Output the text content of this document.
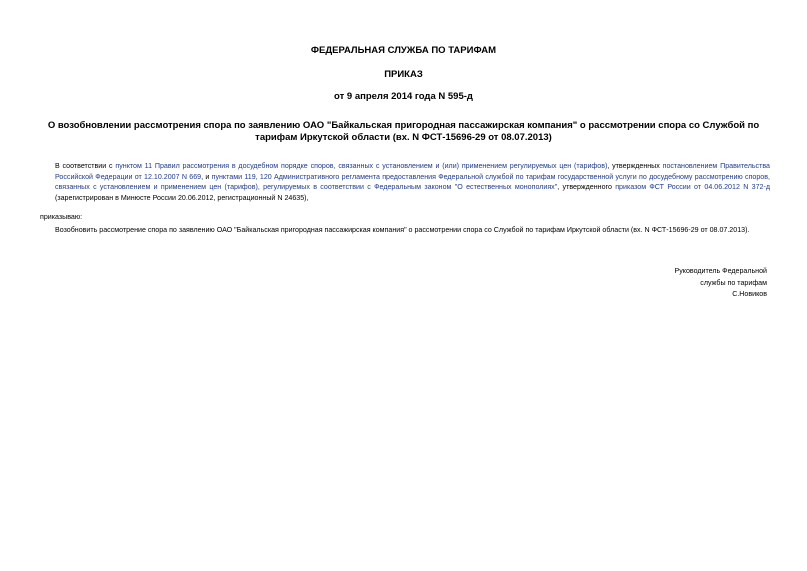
ФЕДЕРАЛЬНАЯ СЛУЖБА ПО ТАРИФАМ
ПРИКАЗ
от 9 апреля 2014 года N 595-д
О возобновлении рассмотрения спора по заявлению ОАО "Байкальская пригородная пассажирская компания" о рассмотрении спора со Службой по тарифам Иркутской области (вх. N ФСТ-15696-29 от 08.07.2013)
В соответствии с пунктом 11 Правил рассмотрения в досудебном порядке споров, связанных с установлением и (или) применением регулируемых цен (тарифов), утвержденных постановлением Правительства Российской Федерации от 12.10.2007 N 669, и пунктами 119, 120 Административного регламента предоставления Федеральной службой по тарифам государственной услуги по досудебному рассмотрению споров, связанных с установлением и применением цен (тарифов), регулируемых в соответствии с Федеральным законом "О естественных монополиях", утвержденного приказом ФСТ России от 04.06.2012 N 372-д (зарегистрирован в Минюсте России 20.06.2012, регистрационный N 24635),
приказываю:
Возобновить рассмотрение спора по заявлению ОАО "Байкальская пригородная пассажирская компания" о рассмотрении спора со Службой по тарифам Иркутской области (вх. N ФСТ-15696-29 от 08.07.2013).
Руководитель Федеральной
службы по тарифам
С.Новиков
